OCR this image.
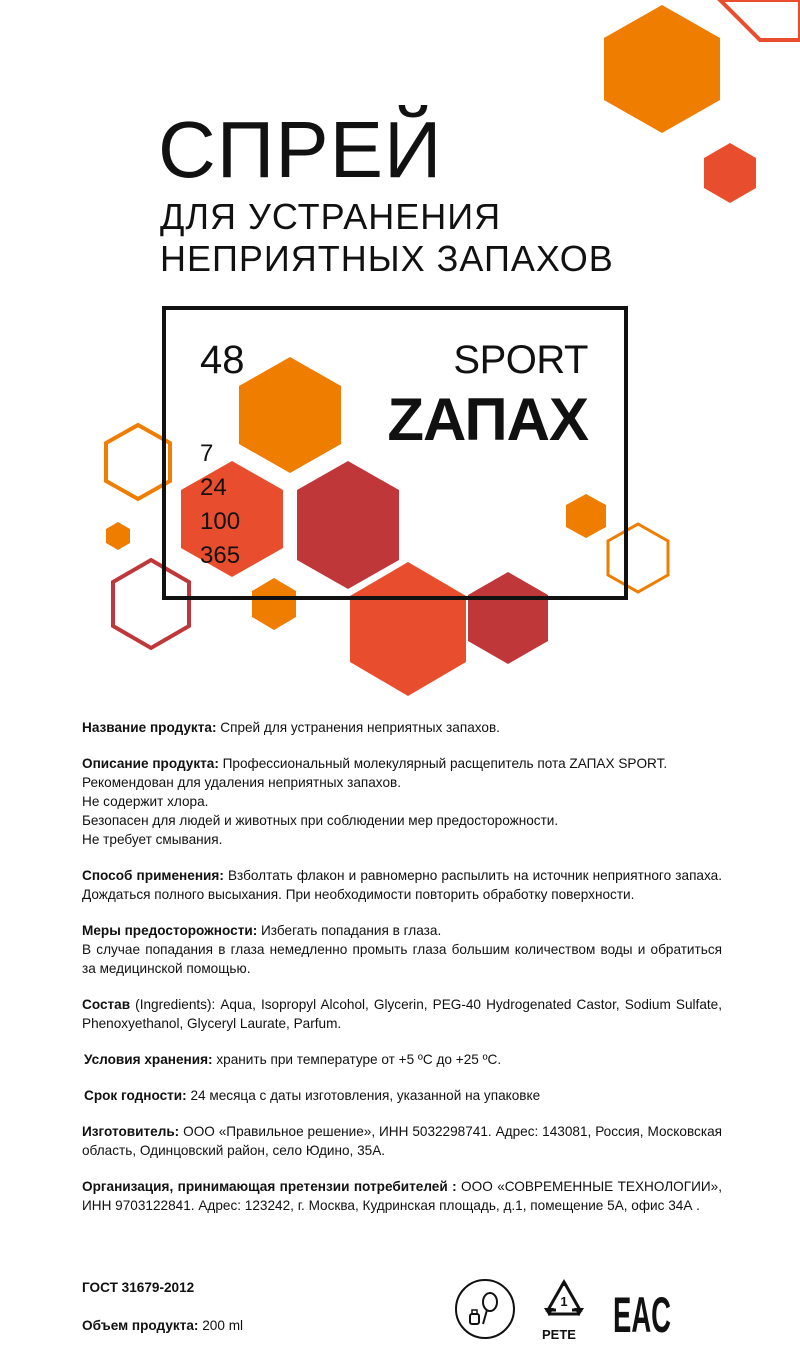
СПРЕЙ
ДЛЯ УСТРАНЕНИЯ
НЕПРИЯТНЫХ ЗАПАХОВ
48	SPORT
ZАПАХ
7
24
100
365

Название продукта: Спрей для устранения неприятных запахов.

Описание продукта: Профессиональный молекулярный расщепитель пота ZАПАХ SPORT.

Рекомендован для удаления неприятных запахов.

Не содержит хлора.

Безопасен для людей и животных при соблюдении мер предосторожности.

Не требует смывания.

Способ применения: Взболтать флакон и равномерно распылить на источник неприятного запаха. Дождаться полного высыхания. При необходимости повторить обработку поверхности.

Меры предосторожности: Избегать попадания в глаза.

В случае попадания в глаза немедленно промыть глаза большим количеством воды и обратиться за медицинской помощью.

Состав (Ingredients): Aqua, Isopropyl Alcohol, Glycerin, PEG-40 Hydrogenated Castor, Sodium Sulfate, Phenoxyethanol, Glyceryl Laurate, Parfum.

Условия хранения: хранить при температуре от +5 ºС до +25 ºС.

Срок годности: 24 месяца с даты изготовления, указанной на упаковке

Изготовитель: ООО «Правильное решение», ИНН 5032298741. Адрес: 143081, Россия, Московская область, Одинцовский район, село Юдино, 35А.

Организация, принимающая претензии потребителей : ООО «СОВРЕМЕННЫЕ ТЕХНОЛОГИИ», ИНН 9703122841. Адрес: 123242, г. Москва, Кудринская площадь, д.1, помещение 5А, офис 34А .

ГОСТ 31679-2012
Объем продукта: 200 ml
1
PETE EAC
